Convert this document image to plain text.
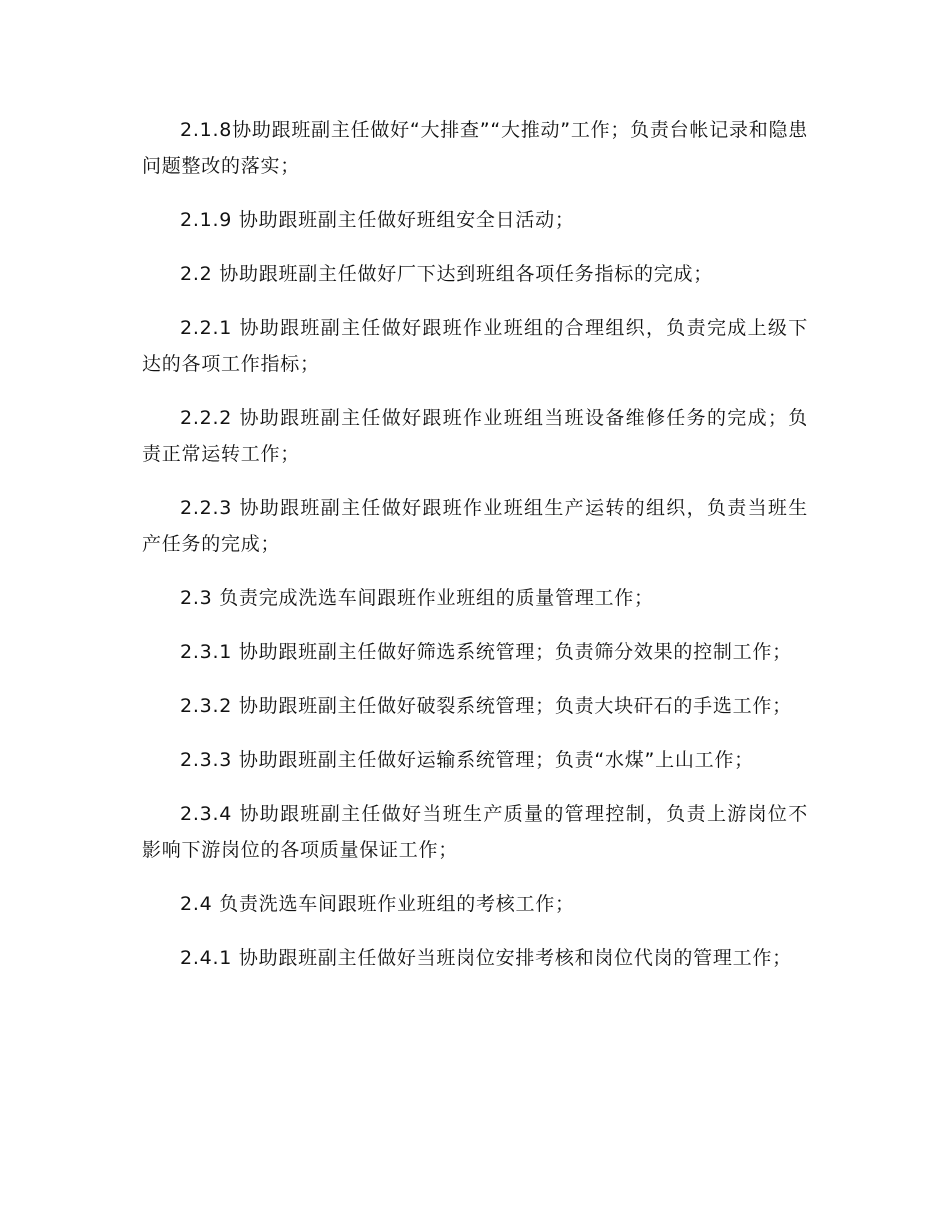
2.1.8协助跟班副主任做好“大排查”“大推动”工作；负责台帐记录和隐患问题整改的落实；

2.1.9 协助跟班副主任做好班组安全日活动；

2.2 协助跟班副主任做好厂下达到班组各项任务指标的完成；

2.2.1 协助跟班副主任做好跟班作业班组的合理组织，负责完成上级下达的各项工作指标；

2.2.2 协助跟班副主任做好跟班作业班组当班设备维修任务的完成；负责正常运转工作；

2.2.3 协助跟班副主任做好跟班作业班组生产运转的组织，负责当班生产任务的完成；

2.3 负责完成洗选车间跟班作业班组的质量管理工作；

2.3.1 协助跟班副主任做好筛选系统管理；负责筛分效果的控制工作；

2.3.2 协助跟班副主任做好破裂系统管理；负责大块矸石的手选工作；

2.3.3 协助跟班副主任做好运输系统管理；负责“水煤”上山工作；

2.3.4 协助跟班副主任做好当班生产质量的管理控制，负责上游岗位不影响下游岗位的各项质量保证工作；

2.4 负责洗选车间跟班作业班组的考核工作；

2.4.1 协助跟班副主任做好当班岗位安排考核和岗位代岗的管理工作；
